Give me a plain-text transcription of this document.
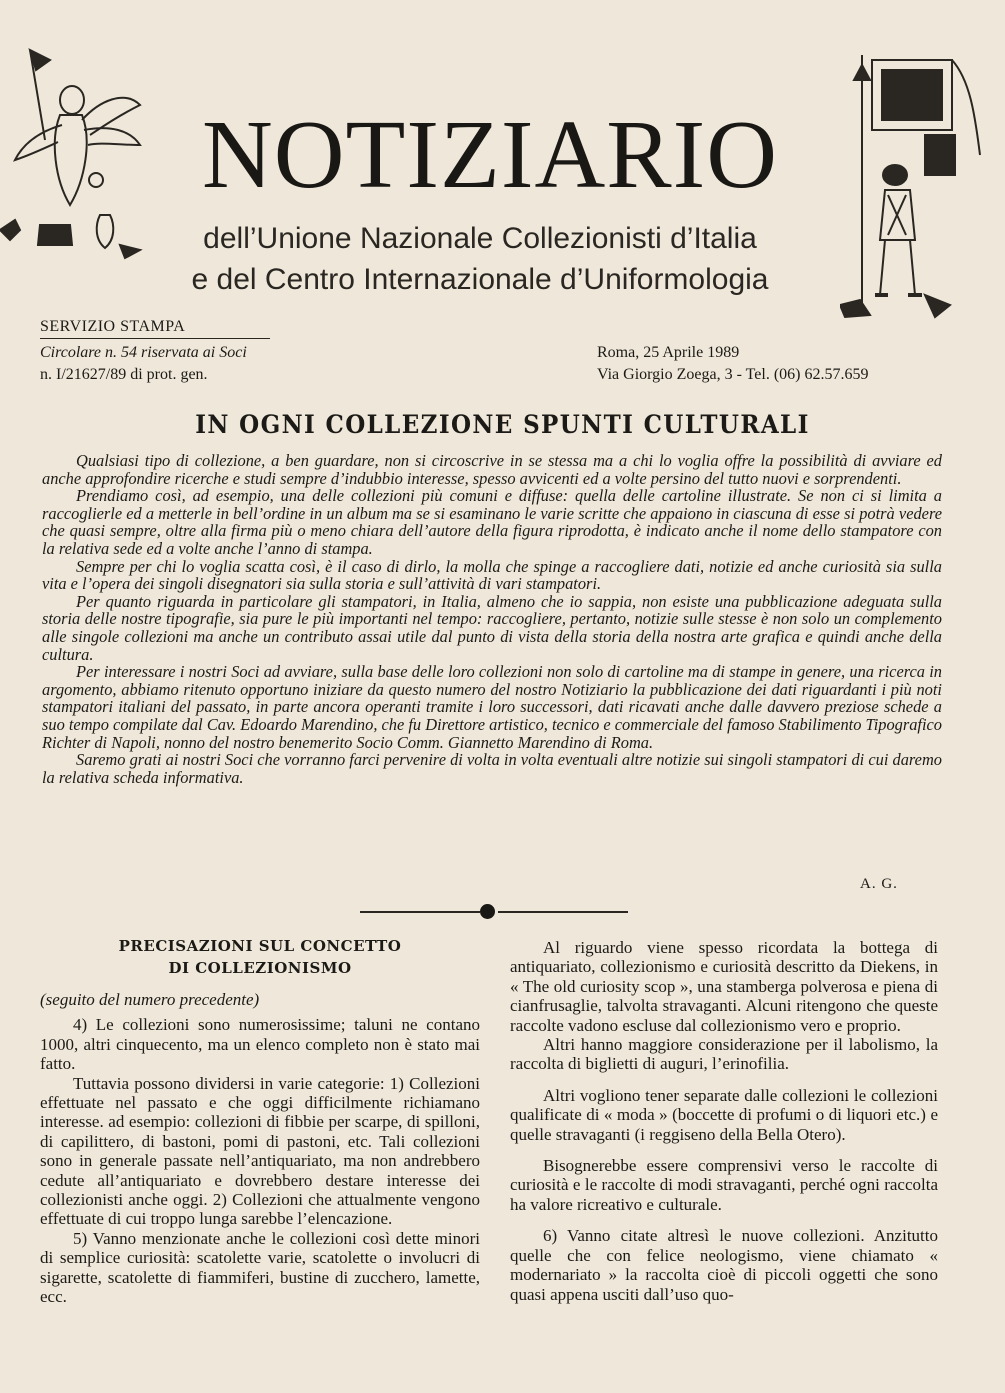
NOTIZIARIO
dell’Unione Nazionale Collezionisti d’Italia
e del Centro Internazionale d’Uniformologia
SERVIZIO STAMPA
Circolare n. 54 riservata ai Soci
n. I/21627/89 di prot. gen.
Roma, 25 Aprile 1989
Via Giorgio Zoega, 3 - Tel. (06) 62.57.659
IN OGNI COLLEZIONE SPUNTI CULTURALI

Qualsiasi tipo di collezione, a ben guardare, non si circoscrive in se stessa ma a chi lo voglia offre la possibilità di avviare ed anche approfondire ricerche e studi sempre d’indubbio interesse, spesso avvicenti ed a volte persino del tutto nuovi e sorprendenti.

Prendiamo così, ad esempio, una delle collezioni più comuni e diffuse: quella delle cartoline illustrate. Se non ci si limita a raccoglierle ed a metterle in bell’ordine in un album ma se si esaminano le varie scritte che appaiono in ciascuna di esse si potrà vedere che quasi sempre, oltre alla firma più o meno chiara dell’autore della figura riprodotta, è indicato anche il nome dello stampatore con la relativa sede ed a volte anche l’anno di stampa.

Sempre per chi lo voglia scatta così, è il caso di dirlo, la molla che spinge a raccogliere dati, notizie ed anche curiosità sia sulla vita e l’opera dei singoli disegnatori sia sulla storia e sull’attività di vari stampatori.

Per quanto riguarda in particolare gli stampatori, in Italia, almeno che io sappia, non esiste una pubblicazione adeguata sulla storia delle nostre tipografie, sia pure le più importanti nel tempo: raccogliere, pertanto, notizie sulle stesse è non solo un complemento alle singole collezioni ma anche un contributo assai utile dal punto di vista della storia della nostra arte grafica e quindi anche della cultura.

Per interessare i nostri Soci ad avviare, sulla base delle loro collezioni non solo di cartoline ma di stampe in genere, una ricerca in argomento, abbiamo ritenuto opportuno iniziare da questo numero del nostro Notiziario la pubblicazione dei dati riguardanti i più noti stampatori italiani del passato, in parte ancora operanti tramite i loro successori, dati ricavati anche dalle davvero preziose schede a suo tempo compilate dal Cav. Edoardo Marendino, che fu Direttore artistico, tecnico e commerciale del famoso Stabilimento Tipografico Richter di Napoli, nonno del nostro benemerito Socio Comm. Giannetto Marendino di Roma.

Saremo grati ai nostri Soci che vorranno farci pervenire di volta in volta eventuali altre notizie sui singoli stampatori di cui daremo la relativa scheda informativa.

A. G.
PRECISAZIONI SUL CONCETTO
DI COLLEZIONISMO

(seguito del numero precedente)

4) Le collezioni sono numerosissime; taluni ne contano 1000, altri cinquecento, ma un elenco completo non è stato mai fatto.

Tuttavia possono dividersi in varie categorie: 1) Collezioni effettuate nel passato e che oggi difficilmente richiamano interesse. ad esempio: collezioni di fibbie per scarpe, di spilloni, di capilittero, di bastoni, pomi di pastoni, etc. Tali collezioni sono in generale passate nell’antiquariato, ma non andrebbero cedute all’antiquariato e dovrebbero destare interesse dei collezionisti anche oggi. 2) Collezioni che attualmente vengono effettuate di cui troppo lunga sarebbe l’elencazione.

5) Vanno menzionate anche le collezioni così dette minori di semplice curiosità: scatolette varie, scatolette o involucri di sigarette, scatolette di fiammiferi, bustine di zucchero, lamette, ecc.

Al riguardo viene spesso ricordata la bottega di antiquariato, collezionismo e curiosità descritto da Diekens, in « The old curiosity scop », una stamberga polverosa e piena di cianfrusaglie, talvolta stravaganti. Alcuni ritengono che queste raccolte vadono escluse dal collezionismo vero e proprio.

Altri hanno maggiore considerazione per il labolismo, la raccolta di biglietti di auguri, l’erinofilia.

Altri vogliono tener separate dalle collezioni le collezioni qualificate di « moda » (boccette di profumi o di liquori etc.) e quelle stravaganti (i reggiseno della Bella Otero).

Bisognerebbe essere comprensivi verso le raccolte di curiosità e le raccolte di modi stravaganti, perché ogni raccolta ha valore ricreativo e culturale.

6) Vanno citate altresì le nuove collezioni. Anzitutto quelle che con felice neologismo, viene chiamato « modernariato » la raccolta cioè di piccoli oggetti che sono quasi appena usciti dall’uso quo-
